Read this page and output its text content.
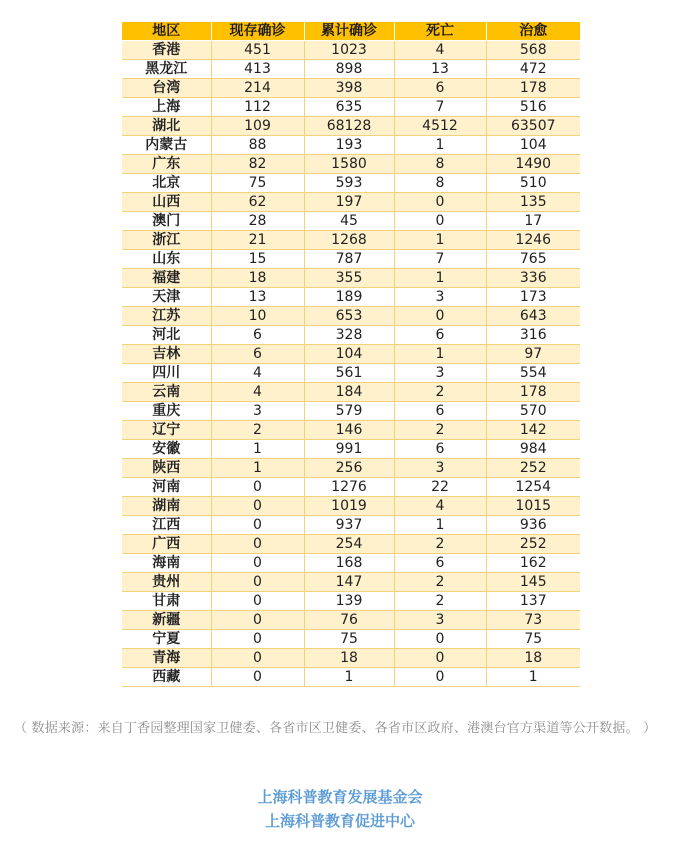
地区	现存确诊	累计确诊	死亡	治愈
香港	451	1023	4	568
黑龙江	413	898	13	472
台湾	214	398	6	178
上海	112	635	7	516
湖北	109	68128	4512	63507
内蒙古	88	193	1	104
广东	82	1580	8	1490
北京	75	593	8	510
山西	62	197	0	135
澳门	28	45	0	17
浙江	21	1268	1	1246
山东	15	787	7	765
福建	18	355	1	336
天津	13	189	3	173
江苏	10	653	0	643
河北	6	328	6	316
吉林	6	104	1	97
四川	4	561	3	554
云南	4	184	2	178
重庆	3	579	6	570
辽宁	2	146	2	142
安徽	1	991	6	984
陕西	1	256	3	252
河南	0	1276	22	1254
湖南	0	1019	4	1015
江西	0	937	1	936
广西	0	254	2	252
海南	0	168	6	162
贵州	0	147	2	145
甘肃	0	139	2	137
新疆	0	76	3	73
宁夏	0	75	0	75
青海	0	18	0	18
西藏	0	1	0	1
（ 数据来源：来自丁香园整理国家卫健委、各省市区卫健委、各省市区政府、港澳台官方渠道等公开数据。 ）
上海科普教育发展基金会
上海科普教育促进中心
